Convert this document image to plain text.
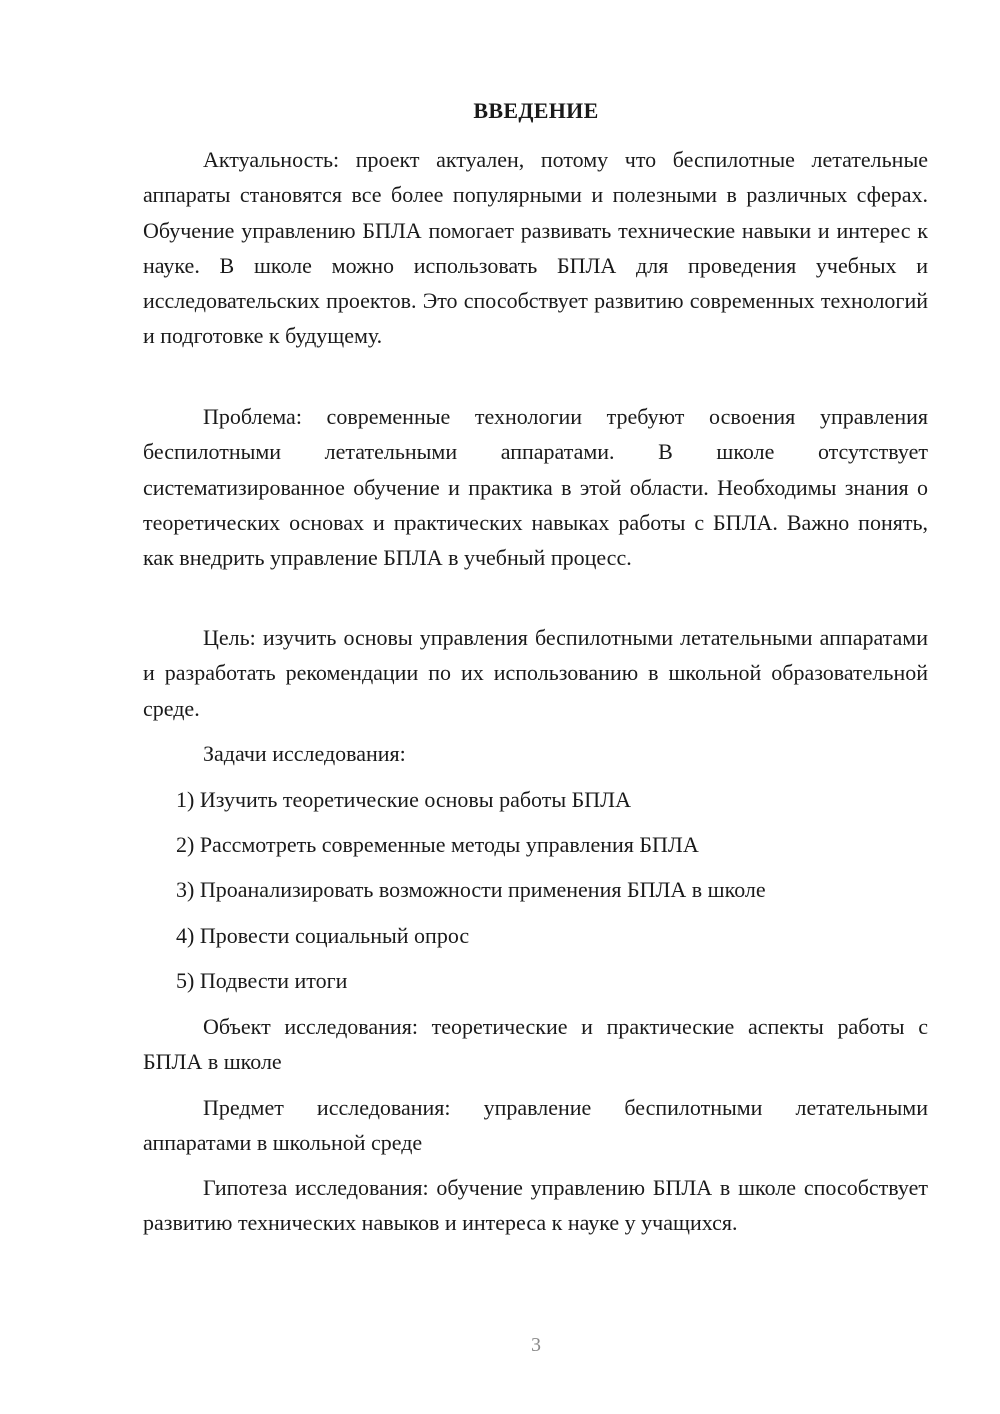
ВВЕДЕНИЕ

Актуальность: проект актуален, потому что беспилотные летательные аппараты становятся все более популярными и полезными в различных сферах. Обучение управлению БПЛА помогает развивать технические навыки и интерес к науке. В школе можно использовать БПЛА для проведения учебных и исследовательских проектов. Это способствует развитию современных технологий и подготовке к будущему.

Проблема: современные технологии требуют освоения управления беспилотными летательными аппаратами. В школе отсутствует систематизированное обучение и практика в этой области. Необходимы знания о теоретических основах и практических навыках работы с БПЛА. Важно понять, как внедрить управление БПЛА в учебный процесс.

Цель: изучить основы управления беспилотными летательными аппаратами и разработать рекомендации по их использованию в школьной образовательной среде.

Задачи исследования:

1) Изучить теоретические основы работы БПЛА

2) Рассмотреть современные методы управления БПЛА

3) Проанализировать возможности применения БПЛА в школе

4) Провести социальный опрос

5) Подвести итоги

Объект исследования: теоретические и практические аспекты работы с БПЛА в школе

Предмет исследования: управление беспилотными летательными аппаратами в школьной среде

Гипотеза исследования: обучение управлению БПЛА в школе способствует развитию технических навыков и интереса к науке у учащихся.

3
